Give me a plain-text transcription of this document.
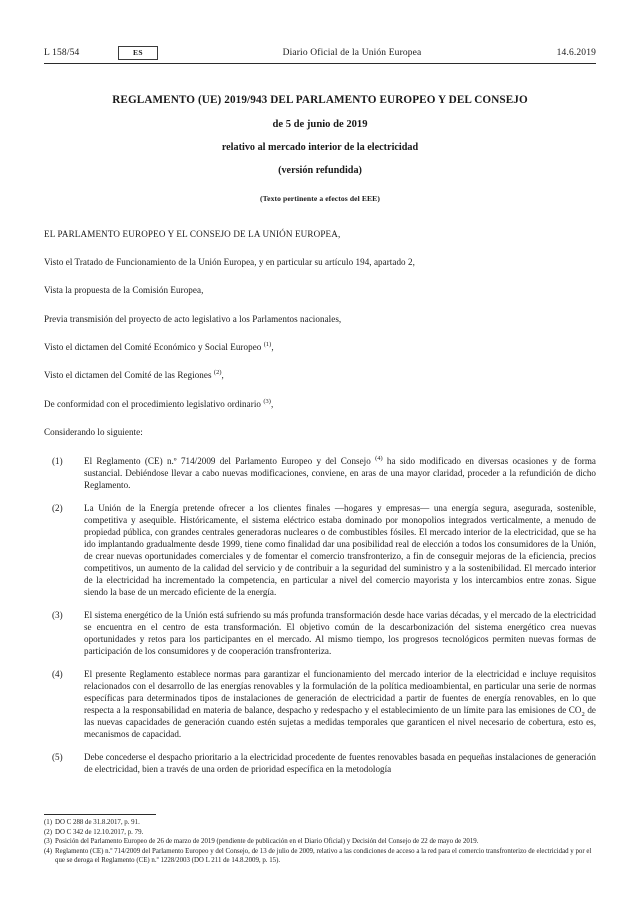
L 158/54	ES	Diario Oficial de la Unión Europea	14.6.2019
REGLAMENTO (UE) 2019/943 DEL PARLAMENTO EUROPEO Y DEL CONSEJO
de 5 de junio de 2019
relativo al mercado interior de la electricidad
(versión refundida)
(Texto pertinente a efectos del EEE)

EL PARLAMENTO EUROPEO Y EL CONSEJO DE LA UNIÓN EUROPEA,

Visto el Tratado de Funcionamiento de la Unión Europea, y en particular su artículo 194, apartado 2,

Vista la propuesta de la Comisión Europea,

Previa transmisión del proyecto de acto legislativo a los Parlamentos nacionales,

Visto el dictamen del Comité Económico y Social Europeo $^{(1)}$,

Visto el dictamen del Comité de las Regiones $^{(2)}$,

De conformidad con el procedimiento legislativo ordinario $^{(3)}$,

Considerando lo siguiente:

(1)	El Reglamento (CE) n.º 714/2009 del Parlamento Europeo y del Consejo $^{(4)}$ ha sido modificado en diversas ocasiones y de forma sustancial. Debiéndose llevar a cabo nuevas modificaciones, conviene, en aras de una mayor claridad, proceder a la refundición de dicho Reglamento.
(2)	La Unión de la Energía pretende ofrecer a los clientes finales —hogares y empresas— una energía segura, asegurada, sostenible, competitiva y asequible. Históricamente, el sistema eléctrico estaba dominado por monopolios integrados verticalmente, a menudo de propiedad pública, con grandes centrales generadoras nucleares o de combustibles fósiles. El mercado interior de la electricidad, que se ha ido implantando gradualmente desde 1999, tiene como finalidad dar una posibilidad real de elección a todos los consumidores de la Unión, de crear nuevas oportunidades comerciales y de fomentar el comercio transfronterizo, a fin de conseguir mejoras de la eficiencia, precios competitivos, un aumento de la calidad del servicio y de contribuir a la seguridad del suministro y a la sostenibilidad. El mercado interior de la electricidad ha incrementado la competencia, en particular a nivel del comercio mayorista y los intercambios entre zonas. Sigue siendo la base de un mercado eficiente de la energía.
(3)	El sistema energético de la Unión está sufriendo su más profunda transformación desde hace varias décadas, y el mercado de la electricidad se encuentra en el centro de esta transformación. El objetivo común de la descarbonización del sistema energético crea nuevas oportunidades y retos para los participantes en el mercado. Al mismo tiempo, los progresos tecnológicos permiten nuevas formas de participación de los consumidores y de cooperación transfronteriza.
(4)	El presente Reglamento establece normas para garantizar el funcionamiento del mercado interior de la electricidad e incluye requisitos relacionados con el desarrollo de las energías renovables y la formulación de la política medioambiental, en particular una serie de normas específicas para determinados tipos de instalaciones de generación de electricidad a partir de fuentes de energía renovables, en lo que respecta a la responsabilidad en materia de balance, despacho y redespacho y el establecimiento de un límite para las emisiones de $CO_2$ de las nuevas capacidades de generación cuando estén sujetas a medidas temporales que garanticen el nivel necesario de cobertura, esto es, mecanismos de capacidad.
(5)	Debe concederse el despacho prioritario a la electricidad procedente de fuentes renovables basada en pequeñas instalaciones de generación de electricidad, bien a través de una orden de prioridad específica en la metodología
(1) DO C 288 de 31.8.2017, p. 91.
(2) DO C 342 de 12.10.2017, p. 79.
(3) Posición del Parlamento Europeo de 26 de marzo de 2019 (pendiente de publicación en el Diario Oficial) y Decisión del Consejo de 22 de mayo de 2019.
(4) Reglamento (CE) n.º 714/2009 del Parlamento Europeo y del Consejo, de 13 de julio de 2009, relativo a las condiciones de acceso a la red para el comercio transfronterizo de electricidad y por el que se deroga el Reglamento (CE) n.º 1228/2003 (DO L 211 de 14.8.2009, p. 15).
